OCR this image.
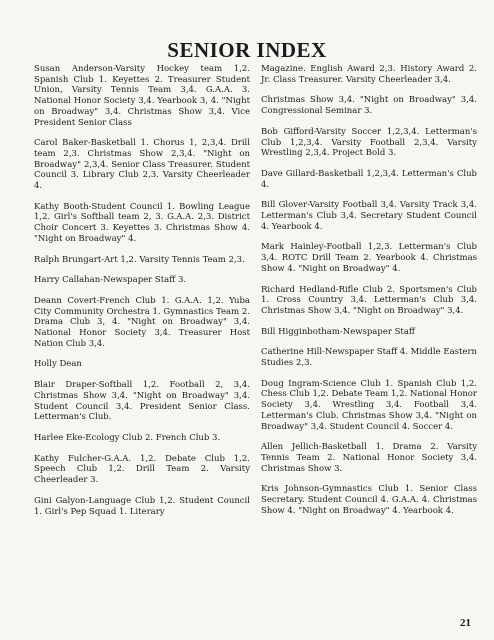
SENIOR INDEX

Susan Anderson-Varsity Hockey team 1,2. Spanish Club 1. Keyettes 2. Treasurer Student Union, Varsity Tennis Team 3,4. G.A.A. 3. National Honor Society 3,4. Yearbook 3, 4. "Night on Broadway" 3,4. Christmas Show 3,4. Vice President Senior Class

Carol Baker-Basketball 1. Chorus 1, 2,3,4. Drill team 2,3. Christmas Show 2,3,4. "Night on Broadway" 2,3,4. Senior Class Treasurer. Student Council 3. Library Club 2,3. Varsity Cheerleader 4.

Kathy Booth-Student Council 1. Bowling League 1,2. Girl's Softball team 2, 3. G.A.A. 2,3. District Choir Concert 3. Keyettes 3. Christmas Show 4. "Night on Broadway" 4.

Ralph Brungart-Art 1,2. Varsity Tennis Team 2,3.

Harry Callahan-Newspaper Staff 3.

Deann Covert-French Club 1. G.A.A. 1,2. Yuba City Community Orchestra 1. Gymnastics Team 2. Drama Club 3, 4. "Night on Broadway" 3,4. National Honor Society 3,4. Treasurer Host Nation Club 3,4.

Holly Dean

Blair Draper-Softball 1,2. Football 2, 3,4. Christmas Show 3,4. "Night on Broadway" 3,4. Student Council 3,4. President Senior Class. Letterman's Club.

Harlee Eke-Ecology Club 2. French Club 3.

Kathy Fulcher-G.A.A. 1,2. Debate Club 1,2. Speech Club 1,2. Drill Team 2. Varsity Cheerleader 3.

Gini Galyon-Language Club 1,2. Student Council 1. Girl's Pep Squad 1. Literary

Magazine. English Award 2,3. History Award 2. Jr. Class Treasurer. Varsity Cheerleader 3,4.

Christmas Show 3,4. "Night on Broadway" 3,4. Congressional Seminar 3.

Bob Gifford-Varsity Soccer 1,2,3,4. Letterman's Club 1,2,3,4. Varsity Football 2,3,4. Varsity Wrestling 2,3,4. Project Bold 3.

Dave Gillard-Basketball 1,2,3,4. Letterman's Club 4.

Bill Glover-Varsity Football 3,4. Varsity Track 3,4. Letterman's Club 3,4. Secretary Student Council 4. Yearbook 4.

Mark Hainley-Football 1,2,3. Letterman's Club 3,4. ROTC Drill Team 2. Yearbook 4. Christmas Show 4. "Night on Broadway" 4.

Richard Hedland-Rifle Club 2. Sportsmen's Club 1. Cross Country 3,4. Letterman's Club 3,4. Christmas Show 3,4. "Night on Broadway" 3,4.

Bill Higginbotham-Newspaper Staff

Catherine Hill-Newspaper Staff 4. Middle Eastern Studies 2,3.

Doug Ingram-Science Club 1. Spanish Club 1,2. Chess Club 1,2. Debate Team 1,2. National Honor Society 3,4. Wrestling 3,4. Football 3,4. Letterman's Club. Christmas Show 3,4. "Night on Broadway" 3,4. Student Council 4. Soccer 4.

Allen Jellich-Basketball 1. Drama 2. Varsity Tennis Team 2. National Honor Society 3,4. Christmas Show 3.

Kris Johnson-Gymnastics Club 1. Senior Class Secretary. Student Council 4. G.A.A. 4. Christmas Show 4. "Night on Broadway" 4. Yearbook 4.

21
